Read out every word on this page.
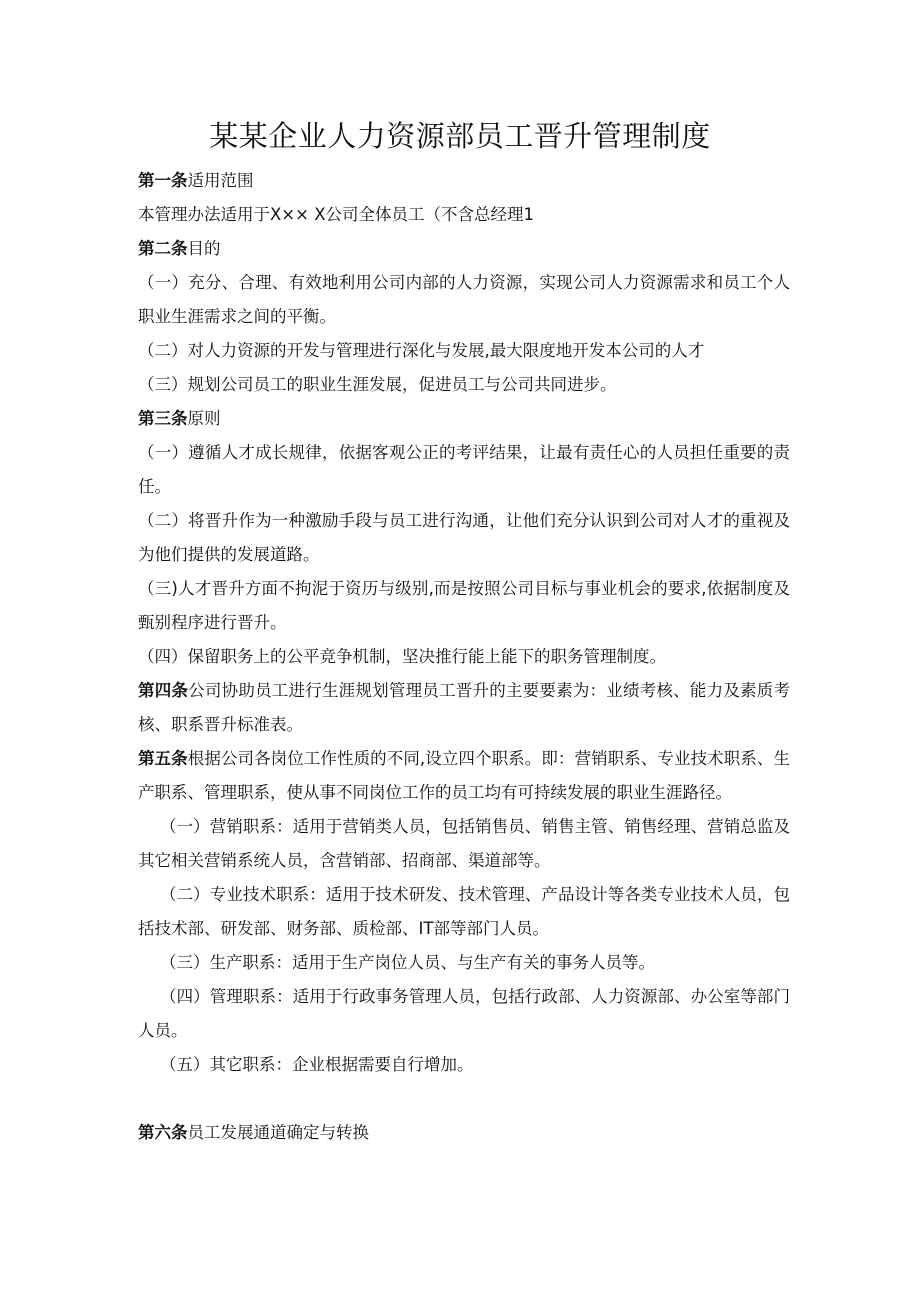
某某企业人力资源部员工晋升管理制度

第一条适用范围

本管理办法适用于X×× X公司全体员工（不含总经理1

第二条目的

（一）充分、合理、有效地利用公司内部的人力资源，实现公司人力资源需求和员工个人职业生涯需求之间的平衡。

（二）对人力资源的开发与管理进行深化与发展,最大限度地开发本公司的人才

（三）规划公司员工的职业生涯发展，促进员工与公司共同进步。

第三条原则

（一）遵循人才成长规律，依据客观公正的考评结果，让最有责任心的人员担任重要的责任。

（二）将晋升作为一种激励手段与员工进行沟通，让他们充分认识到公司对人才的重视及为他们提供的发展道路。

（三)人才晋升方面不拘泥于资历与级别,而是按照公司目标与事业机会的要求,依据制度及甄别程序进行晋升。

（四）保留职务上的公平竞争机制，坚决推行能上能下的职务管理制度。

第四条公司协助员工进行生涯规划管理员工晋升的主要要素为：业绩考核、能力及素质考核、职系晋升标准表。

第五条根据公司各岗位工作性质的不同,设立四个职系。即：营销职系、专业技术职系、生产职系、管理职系，使从事不同岗位工作的员工均有可持续发展的职业生涯路径。

（一）营销职系：适用于营销类人员，包括销售员、销售主管、销售经理、营销总监及其它相关营销系统人员，含营销部、招商部、渠道部等。

（二）专业技术职系：适用于技术研发、技术管理、产品设计等各类专业技术人员，包括技术部、研发部、财务部、质检部、IT部等部门人员。

（三）生产职系：适用于生产岗位人员、与生产有关的事务人员等。

（四）管理职系：适用于行政事务管理人员，包括行政部、人力资源部、办公室等部门人员。

（五）其它职系：企业根据需要自行增加。

第六条员工发展通道确定与转换
